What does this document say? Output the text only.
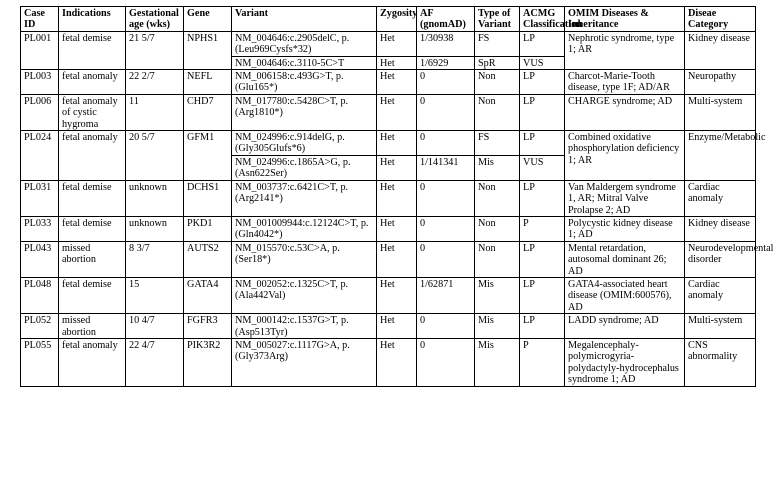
Case ID	Indications	Gestational age (wks)	Gene	Variant	Zygosity	AF (gnomAD)	Type of Variant	ACMG Classification	OMIM Diseases & Inheritance	Diseae Category
PL001	fetal demise	21 5/7	NPHS1	NM_004646:c.2905delC, p.(Leu969Cysfs*32)	Het	1/30938	FS	LP	Nephrotic syndrome, type 1; AR	Kidney disease
				NM_004646:c.3110-5C>T	Het	1/6929	SpR	VUS		
PL003	fetal anomaly	22 2/7	NEFL	NM_006158:c.493G>T, p.(Glu165*)	Het	0	Non	LP	Charcot-Marie-Tooth disease, type 1F; AD/AR	Neuropathy
PL006	fetal anomaly of cystic hygroma	11	CHD7	NM_017780:c.5428C>T, p.(Arg1810*)	Het	0	Non	LP	CHARGE syndrome; AD	Multi-system
PL024	fetal anomaly	20 5/7	GFM1	NM_024996:c.914delG, p.(Gly305Glufs*6)	Het	0	FS	LP	Combined oxidative phosphorylation deficiency 1; AR	Enzyme/Metabolic
				NM_024996:c.1865A>G, p.(Asn622Ser)	Het	1/141341	Mis	VUS		
PL031	fetal demise	unknown	DCHS1	NM_003737:c.6421C>T, p.(Arg2141*)	Het	0	Non	LP	Van Maldergem syndrome 1, AR; Mitral Valve Prolapse 2; AD	Cardiac anomaly
PL033	fetal demise	unknown	PKD1	NM_001009944:c.12124C>T, p.(Gln4042*)	Het	0	Non	P	Polycystic kidney disease 1; AD	Kidney disease
PL043	missed abortion	8 3/7	AUTS2	NM_015570:c.53C>A, p.(Ser18*)	Het	0	Non	LP	Mental retardation, autosomal dominant 26; AD	Neurodevelopmental disorder
PL048	fetal demise	15	GATA4	NM_002052:c.1325C>T, p.(Ala442Val)	Het	1/62871	Mis	LP	GATA4-associated heart disease (OMIM:600576), AD	Cardiac anomaly
PL052	missed abortion	10 4/7	FGFR3	NM_000142:c.1537G>T, p.(Asp513Tyr)	Het	0	Mis	LP	LADD syndrome; AD	Multi-system
PL055	fetal anomaly	22 4/7	PIK3R2	NM_005027:c.1117G>A, p.(Gly373Arg)	Het	0	Mis	P	Megalencephaly-polymicrogyria-polydactyly-hydrocephalus syndrome 1; AD	CNS abnormality
